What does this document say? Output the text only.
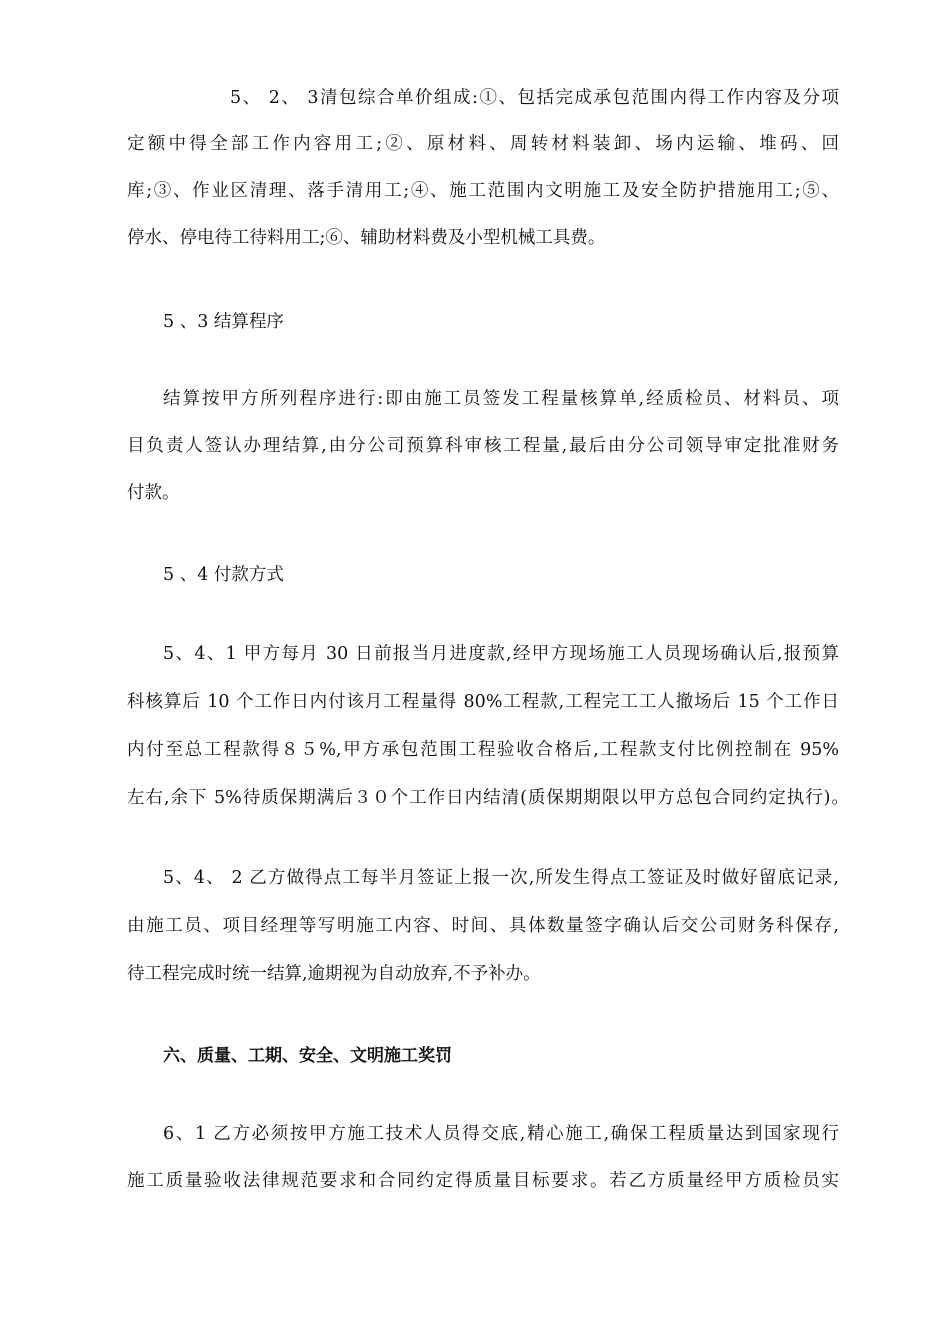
5、 2、 3清包综合单价组成:①、包括完成承包范围内得工作内容及分项
定额中得全部工作内容用工;②、原材料、周转材料装卸、场内运输、堆码、回
库;③、作业区清理、落手清用工;④、施工范围内文明施工及安全防护措施用工;⑤、
停水、停电待工待料用工;⑥、辅助材料费及小型机械工具费。
5 、3 结算程序
结算按甲方所列程序进行:即由施工员签发工程量核算单,经质检员、材料员、项
目负责人签认办理结算,由分公司预算科审核工程量,最后由分公司领导审定批准财务
付款。
5 、4 付款方式
5、4、1 甲方每月 30 日前报当月进度款,经甲方现场施工人员现场确认后,报预算
科核算后 10 个工作日内付该月工程量得 80%工程款,工程完工工人撤场后 15 个工作日
内付至总工程款得８５%,甲方承包范围工程验收合格后,工程款支付比例控制在 95%
左右,余下 5%待质保期满后３０个工作日内结清(质保期期限以甲方总包合同约定执行)。
5、4、 2 乙方做得点工每半月签证上报一次,所发生得点工签证及时做好留底记录,
由施工员、项目经理等写明施工内容、时间、具体数量签字确认后交公司财务科保存,
待工程完成时统一结算,逾期视为自动放弃,不予补办。
六、质量、工期、安全、文明施工奖罚
6、1 乙方必须按甲方施工技术人员得交底,精心施工,确保工程质量达到国家现行
施工质量验收法律规范要求和合同约定得质量目标要求。若乙方质量经甲方质检员实
